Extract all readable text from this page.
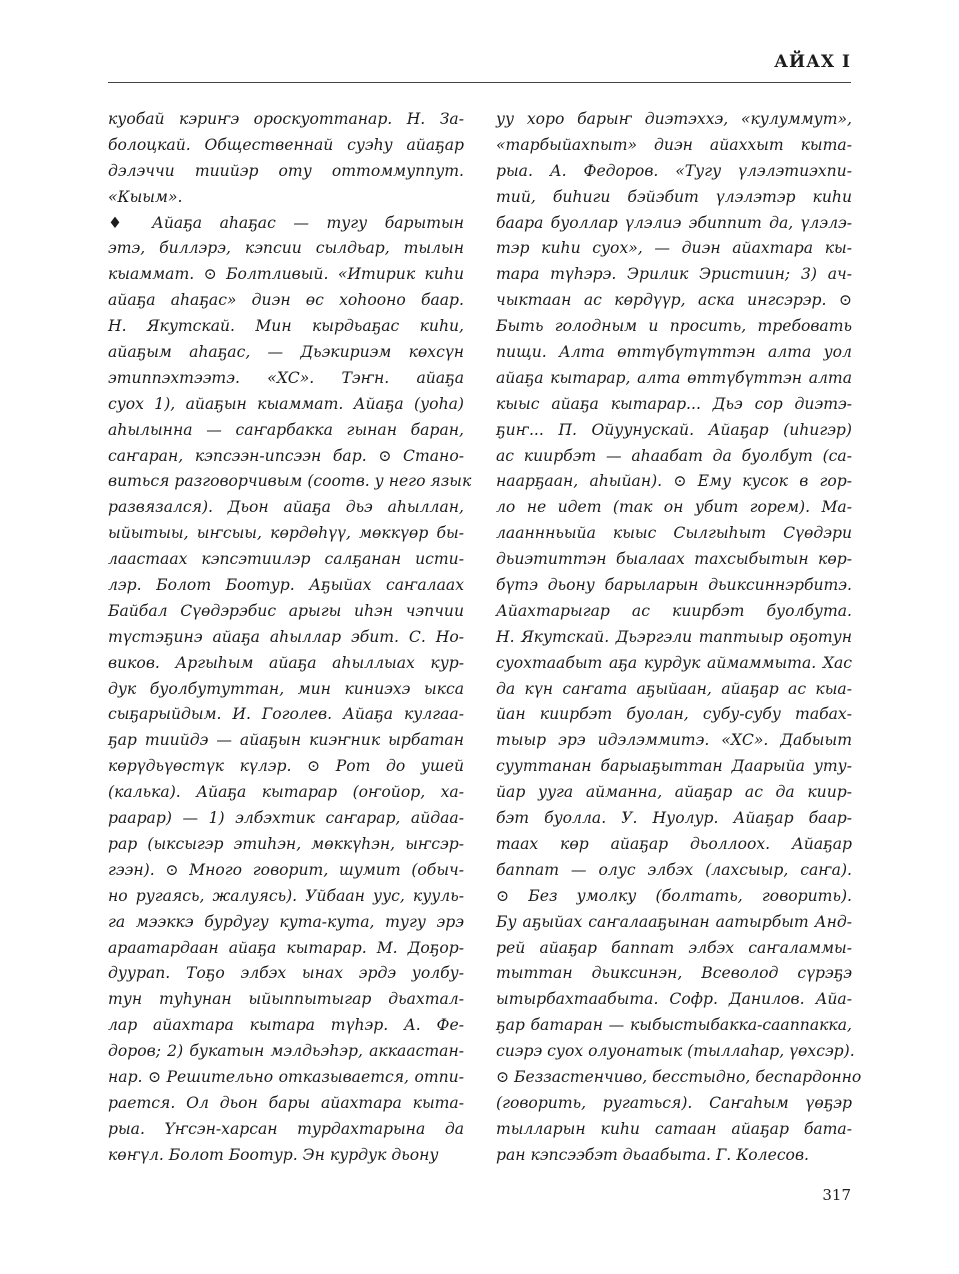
АЙАХ I
куобай кэриҥэ ороскуоттанар. Н. За-
болоцкай. Общественнай суэһу айаҕар
дэлэччи тиийэр оту оттоммуппут.
«Кыым».
♦ Айаҕа аһаҕас — тугу барытын
этэ, биллэрэ, кэпсии сылдьар, тылын
кыаммат. ⊙ Болтливый. «Итирик киһи
айаҕа аһаҕас» диэн өс хоһооно баар.
Н. Якутскай. Мин кырдьаҕас киһи,
айаҕым аһаҕас, — Дьэкириэм көхсүн
этиппэхтээтэ. «ХС». Тэҥн. айаҕа
суох 1), айаҕын кыаммат. Айаҕа (уоһа)
аһылынна — саҥарбакка гынан баран,
саҥаран, кэпсээн-ипсээн бар. ⊙ Стано-
виться разговорчивым (соотв. у него язык
развязался). Дьон айаҕа дьэ аһыллан,
ыйытыы, ыҥсыы, көрдөһүү, мөккүөр бы-
лаастаах кэпсэтиилэр салҕанан исти-
лэр. Болот Боотур. Аҕыйах саҥалаах
Байбал Сүөдэрэбис арыгы иһэн чэпчии
түстэҕинэ айаҕа аһыллар эбит. С. Но-
виков. Аргыһым айаҕа аһыллыах кур-
дук буолбутуттан, мин киниэхэ ыкса
сыҕарыйдым. И. Гоголев. Айаҕа кулгаа-
ҕар тиийдэ — айаҕын киэҥник ырбатан
көрүдьүөстүк күлэр. ⊙ Рот до ушей
(калька). Айаҕа кытарар (оҥойор, ха-
раарар) — 1) элбэхтик саҥарар, айдаа-
рар (ыксыгэр этиһэн, мөккүһэн, ыҥсэр-
гээн). ⊙ Много говорит, шумит (обыч-
но ругаясь, жалуясь). Уйбаан уус, кууль-
га мээккэ бурдугу кута-кута, тугу эрэ
араатардаан айаҕа кытарар. М. Доҕор-
дуурап. Тоҕо элбэх ынах эрдэ уолбу-
тун туһунан ыйыппытыгар дьахтал-
лар айахтара кытара түһэр. А. Фе-
доров; 2) букатын мэлдьэһэр, аккаастан-
нар. ⊙ Решительно отказывается, отпи-
рается. Ол дьон бары айахтара кыта-
рыа. Үҥсэн-харсан турдахтарына да
көҥүл. Болот Боотур. Эн курдук дьону
уу хоро барыҥ диэтэххэ, «кулуммут»,
«тарбыйахпыт» диэн айаххыт кыта-
рыа. А. Федоров. «Тугу үлэлэтиэхпи-
тий, биһиги бэйэбит үлэлэтэр киһи
баара буоллар үлэлиэ эбиппит да, үлэлэ-
тэр киһи суох», — диэн айахтара кы-
тара түһэрэ. Эрилик Эристиин; 3) ач-
чыктаан ас көрдүүр, аска ингсэрэр. ⊙
Быть голодным и просить, требовать
пищи. Алта өттүбүтүттэн алта уол
айаҕа кытарар, алта өттүбүттэн алта
кыыс айаҕа кытарар... Дьэ сор диэтэ-
ҕиҥ... П. Ойуунускай. Айаҕар (иһигэр)
ас киирбэт — аһаабат да буолбут (са-
наарҕаан, аһыйан). ⊙ Ему кусок в гор-
ло не идет (так он убит горем). Ма-
лааннньыйа кыыс Сылгыһыт Сүөдэри
дьиэтиттэн быалаах тахсыбытын көр-
бүтэ дьону барыларын дьиксиннэрбитэ.
Айахтарыгар ас киирбэт буолбута.
Н. Якутскай. Дьэргэли таптыыр оҕотун
суохтаабыт аҕа курдук аймаммыта. Хас
да күн саҥата аҕыйаан, айаҕар ас кыа-
йан киирбэт буолан, субу-субу табах-
тыыр эрэ идэлэммитэ. «ХС». Дабыыт
сууттанан барыаҕыттан Даарыйа уту-
йар ууга айманна, айаҕар ас да киир-
бэт буолла. У. Нуолур. Айаҕар баар-
таах көр айаҕар дьоллоох. Айаҕар
баппат — олус элбэх (лахсыыр, саҥа).
⊙ Без умолку (болтать, говорить).
Бу аҕыйах саҥалааҕынан аатырбыт Анд-
рей айаҕар баппат элбэх саҥаламмы-
тыттан дьиксинэн, Всеволод сүрэҕэ
ытырбахтаабыта. Софр. Данилов. Айа-
ҕар батаран — кыбыстыбакка-сааппакка,
сиэрэ суох олуонатык (тыллаһар, үөхсэр).
⊙ Беззастенчиво, бесстыдно, беспардонно
(говорить, ругаться). Саҥаһым үөҕэр
тылларын киһи сатаан айаҕар бата-
ран кэпсээбэт дьаабыта. Г. Колесов.
317
